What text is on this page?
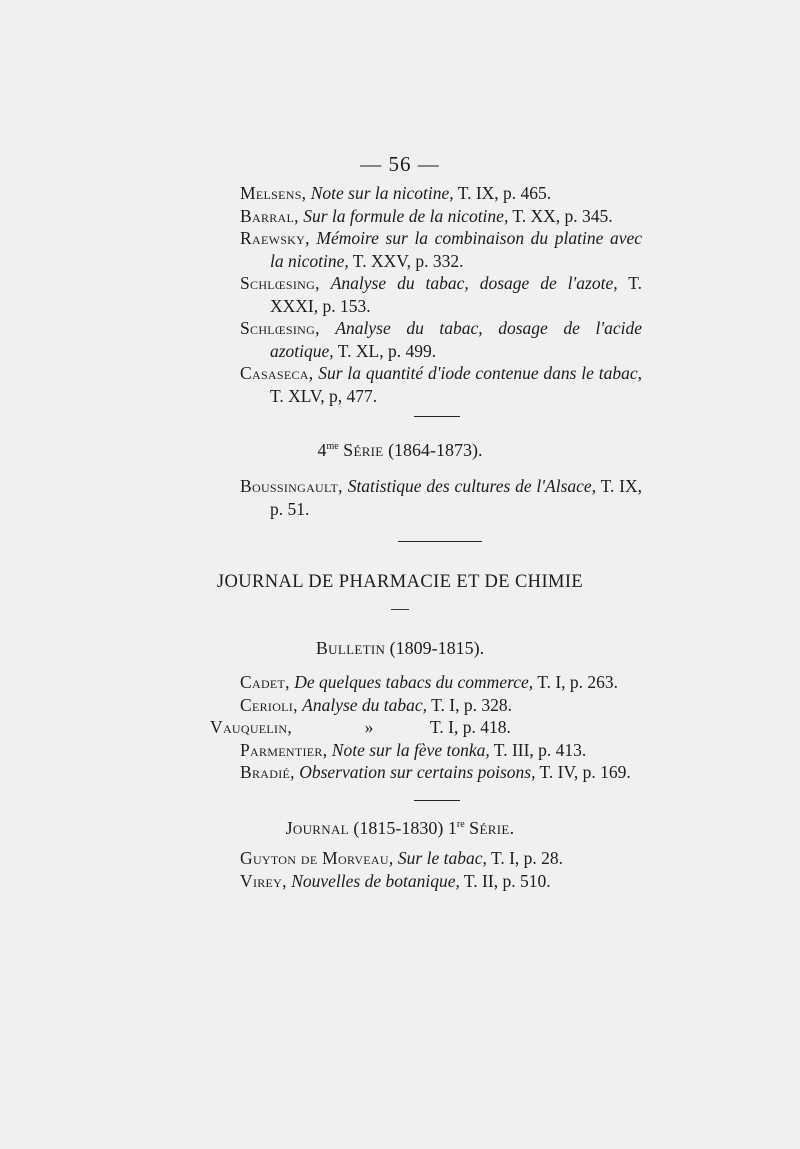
— 56 —
Melsens, Note sur la nicotine, T. IX, p. 465.
Barral, Sur la formule de la nicotine, T. XX, p. 345.
Raewsky, Mémoire sur la combinaison du platine avec la nicotine, T. XXV, p. 332.
Schlœsing, Analyse du tabac, dosage de l'azote, T. XXXI, p. 153.
Schlœsing, Analyse du tabac, dosage de l'acide azotique, T. XL, p. 499.
Casaseca, Sur la quantité d'iode contenue dans le tabac, T. XLV, p, 477.
$4^{me}$ Série (1864-1873).
Boussingault, Statistique des cultures de l'Alsace, T. IX, p. 51.
JOURNAL DE PHARMACIE ET DE CHIMIE
—
Bulletin (1809-1815).
Cadet, De quelques tabacs du commerce, T. I, p. 263.
Cerioli, Analyse du tabac, T. I, p. 328.
Vauquelin,	»	T. I, p. 418.
Parmentier, Note sur la fève tonka, T. III, p. 413.
Bradié, Observation sur certains poisons, T. IV, p. 169.
Journal (1815-1830) 1re Série.
Guyton de Morveau, Sur le tabac, T. I, p. 28.
Virey, Nouvelles de botanique, T. II, p. 510.
